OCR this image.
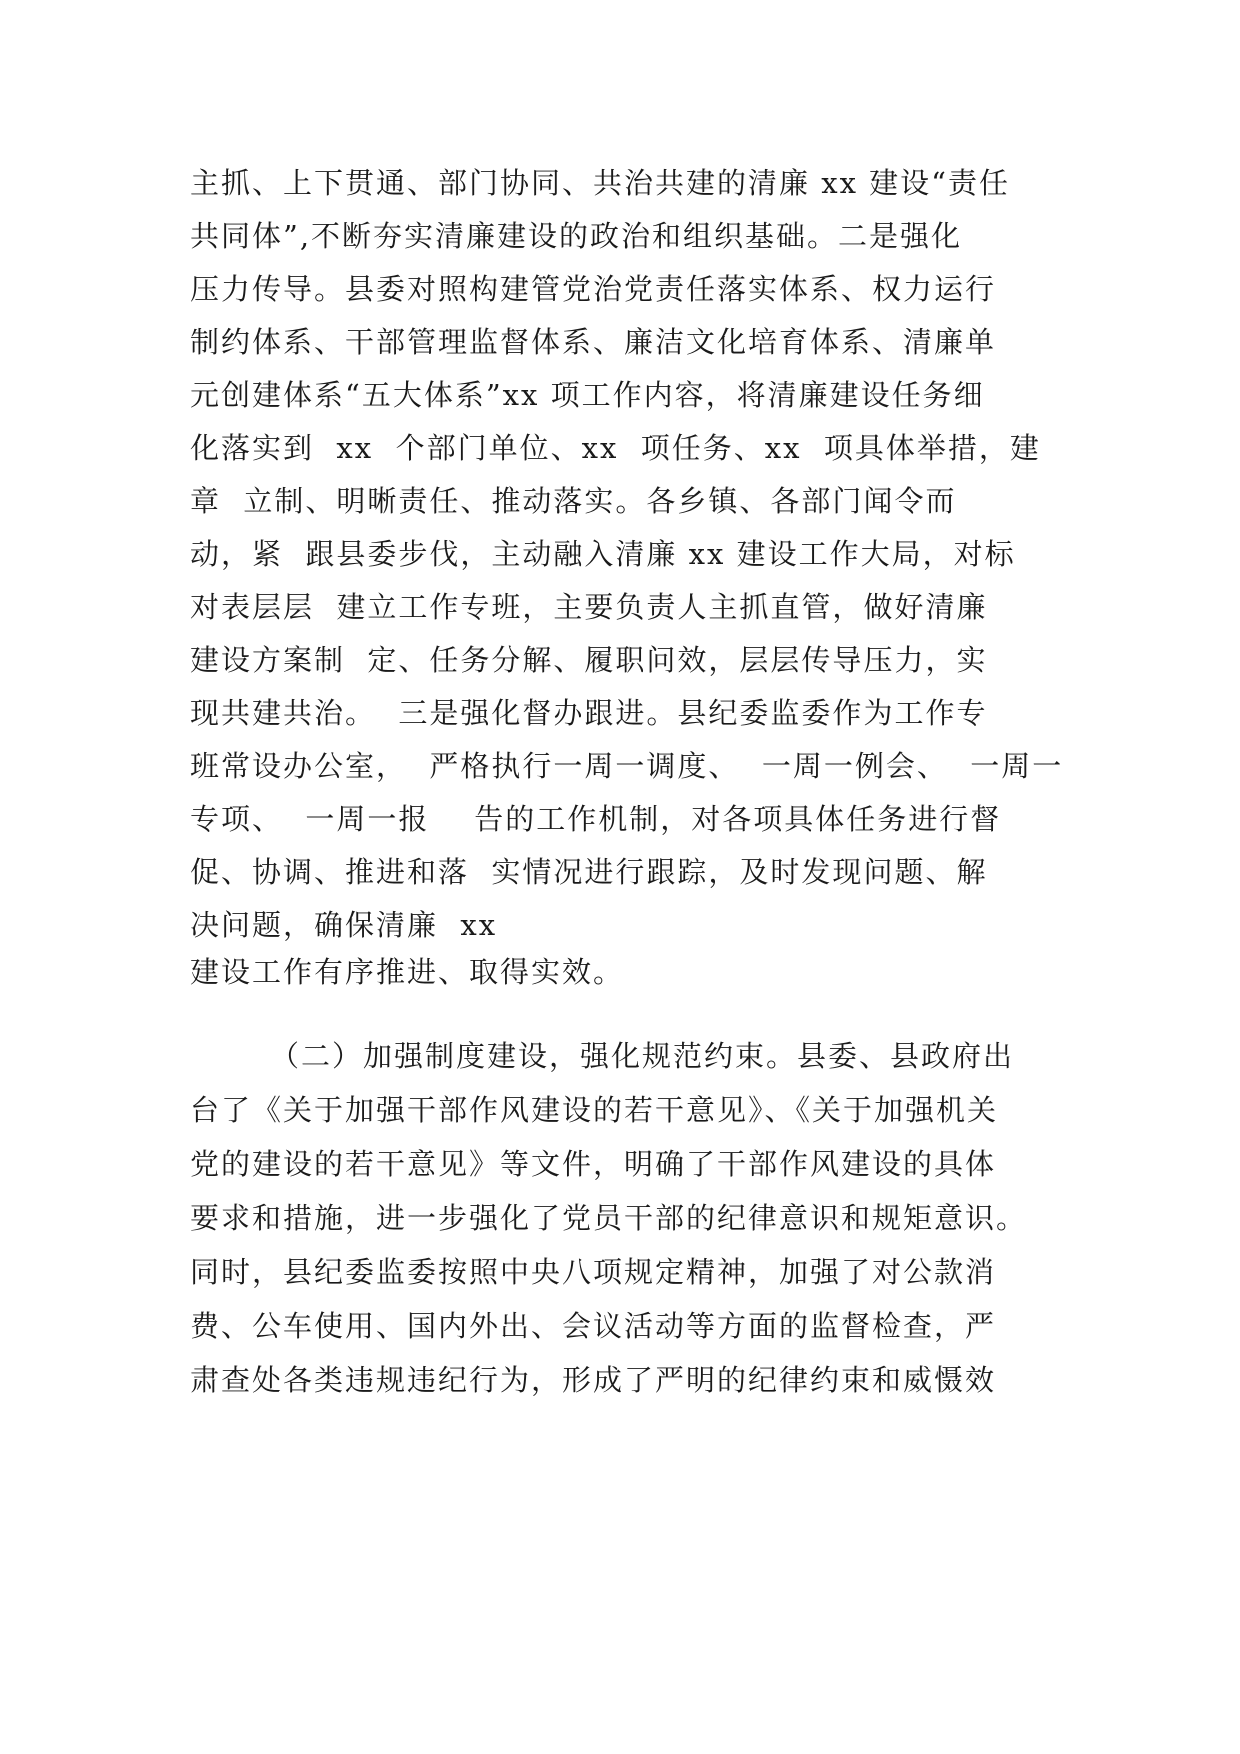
主抓、上下贯通、部门协同、共治共建的清廉 xx 建设“责任
共同体”,不断夯实清廉建设的政治和组织基础。二是强化
压力传导。县委对照构建管党治党责任落实体系、权力运行
制约体系、干部管理监督体系、廉洁文化培育体系、清廉单
元创建体系“五大体系”xx 项工作内容，将清廉建设任务细
化落实到  xx  个部门单位、xx  项任务、xx  项具体举措，建
章  立制、明晰责任、推动落实。各乡镇、各部门闻令而
动，紧  跟县委步伐，主动融入清廉 xx 建设工作大局，对标
对表层层  建立工作专班，主要负责人主抓直管，做好清廉
建设方案制  定、任务分解、履职问效，层层传导压力，实
现共建共治。  三是强化督办跟进。县纪委监委作为工作专
班常设办公室，  严格执行一周一调度、  一周一例会、  一周一
专项、  一周一报    告的工作机制，对各项具体任务进行督
促、协调、推进和落  实情况进行跟踪，及时发现问题、解
决问题，确保清廉  xx
建设工作有序推进、取得实效。
（二）加强制度建设，强化规范约束。县委、县政府出
台了《关于加强干部作风建设的若干意见》、《关于加强机关
党的建设的若干意见》等文件，明确了干部作风建设的具体
要求和措施，进一步强化了党员干部的纪律意识和规矩意识。
同时，县纪委监委按照中央八项规定精神，加强了对公款消
费、公车使用、国内外出、会议活动等方面的监督检查，严
肃查处各类违规违纪行为，形成了严明的纪律约束和威慑效
